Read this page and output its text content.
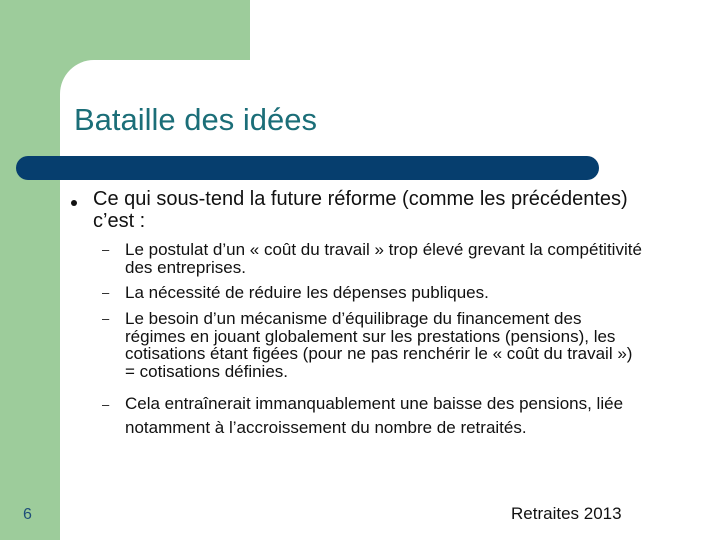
Bataille des idées
Ce qui sous-tend la future réforme (comme les précédentes) c’est :
– Le postulat d’un « coût du travail » trop élevé grevant la compétitivité des entreprises.
– La nécessité de réduire les dépenses publiques.
– Le besoin d’un mécanisme d’équilibrage du financement des régimes en jouant globalement sur les prestations (pensions), les cotisations étant figées (pour ne pas renchérir le « coût du travail ») = cotisations définies.
– Cela entraînerait immanquablement une baisse des pensions, liée notamment à l’accroissement du nombre de retraités.
6	Retraites 2013
